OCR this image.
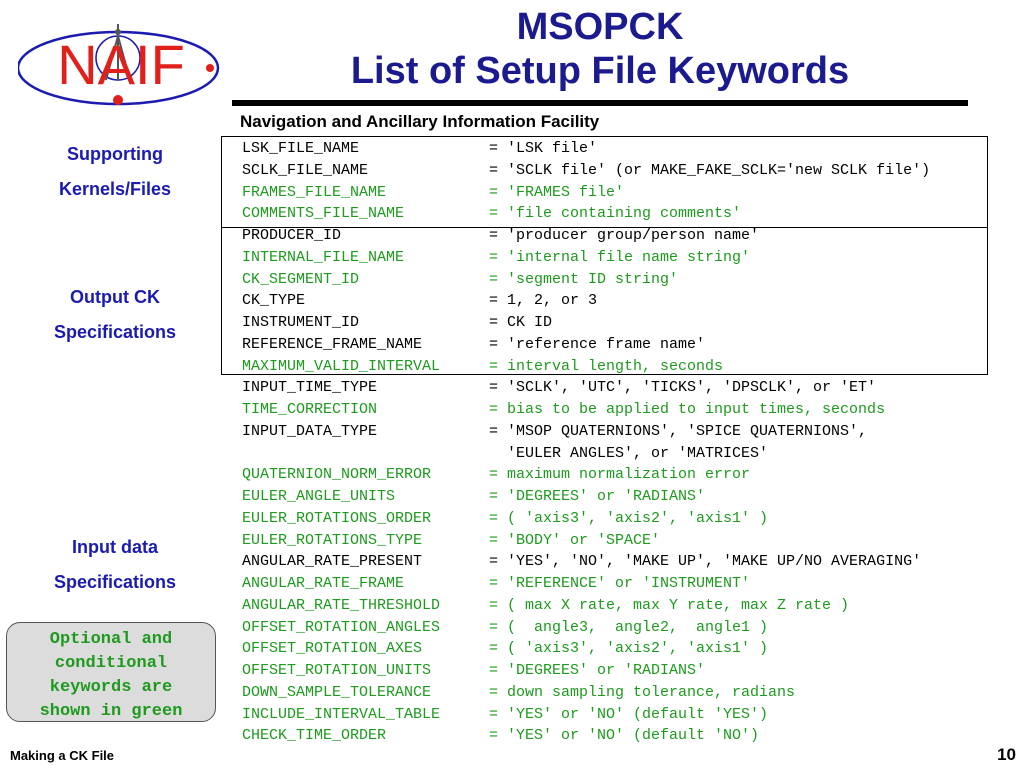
NAIF
MSOPCK
List of Setup File Keywords
Navigation and Ancillary Information Facility
Supporting
Kernels/Files
Output CK
Specifications
Input data
Specifications
LSK_FILE_NAME	= 'LSK file'
SCLK_FILE_NAME	= 'SCLK file' (or MAKE_FAKE_SCLK='new SCLK file')
FRAMES_FILE_NAME	= 'FRAMES file'
COMMENTS_FILE_NAME	= 'file containing comments'
PRODUCER_ID	= 'producer group/person name'
INTERNAL_FILE_NAME	= 'internal file name string'
CK_SEGMENT_ID	= 'segment ID string'
CK_TYPE	= 1, 2, or 3
INSTRUMENT_ID	= CK ID
REFERENCE_FRAME_NAME	= 'reference frame name'
MAXIMUM_VALID_INTERVAL	= interval length, seconds
INPUT_TIME_TYPE	= 'SCLK', 'UTC', 'TICKS', 'DPSCLK', or 'ET'
TIME_CORRECTION	= bias to be applied to input times, seconds
INPUT_DATA_TYPE	= 'MSOP QUATERNIONS', 'SPICE QUATERNIONS',
'EULER ANGLES', or 'MATRICES'
QUATERNION_NORM_ERROR	= maximum normalization error
EULER_ANGLE_UNITS	= 'DEGREES' or 'RADIANS'
EULER_ROTATIONS_ORDER	= ( 'axis3', 'axis2', 'axis1' )
EULER_ROTATIONS_TYPE	= 'BODY' or 'SPACE'
ANGULAR_RATE_PRESENT	= 'YES', 'NO', 'MAKE UP', 'MAKE UP/NO AVERAGING'
ANGULAR_RATE_FRAME	= 'REFERENCE' or 'INSTRUMENT'
ANGULAR_RATE_THRESHOLD	= ( max X rate, max Y rate, max Z rate )
OFFSET_ROTATION_ANGLES	= (  angle3,  angle2,  angle1 )
OFFSET_ROTATION_AXES	= ( 'axis3', 'axis2', 'axis1' )
OFFSET_ROTATION_UNITS	= 'DEGREES' or 'RADIANS'
DOWN_SAMPLE_TOLERANCE	= down sampling tolerance, radians
INCLUDE_INTERVAL_TABLE	= 'YES' or 'NO' (default 'YES')
CHECK_TIME_ORDER	= 'YES' or 'NO' (default 'NO')
Optional and
conditional
keywords are
shown in green
Making a CK File	10
